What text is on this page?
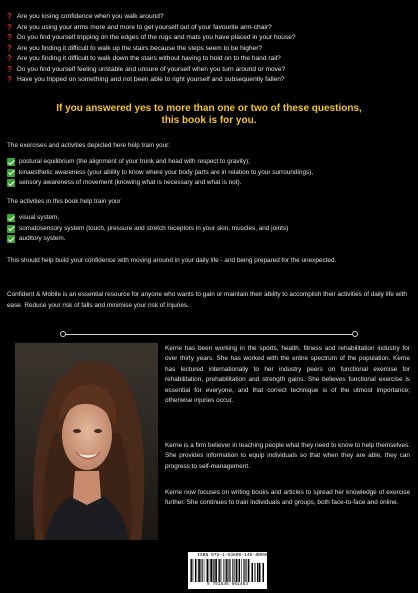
? Are you losing confidence when you walk around?
? Are you using your arms more and more to get yourself out of your favourite arm-chair?
? Do you find yourself tripping on the edges of the rugs and mats you have placed in your house?
? Are you finding it difficult to walk up the stairs because the steps seem to be higher?
? Are you finding it difficult to walk down the stairs without having to hold on to the hand rail?
? Do you find yourself feeling unstable and unsure of yourself when you turn around or move?
? Have you tripped on something and not been able to right yourself and subsequently fallen?
If you answered yes to more than one or two of these questions,
this book is for you.
The exercises and activities depicted here help train your:
postural equilibrium (the alignment of your trunk and head with respect to gravity);
kinaesthetic awareness (your ability to know where your body parts are in relation to your surroundings),
sensory awareness of movement (knowing what is necessary and what is not).
The activities in this book help train your
visual system,
somatosensory system (touch, pressure and stretch receptors in your skin, muscles, and joints)
auditory system.
This should help build your confidence with moving around in your daily life - and being prepared for the unexpected.
Confident & Mobile is an essential resource for anyone who wants to gain or maintain their ability to accomplish their activities of daily life with ease. Reduce your risk of falls and minimise your risk of injuries.
Kerrie has been working in the sports, health, fitness and rehabilitation industry for over thirty years. She has worked with the entire spectrum of the population. Kerrie has lectured internationally to her industry peers on functional exercise for rehabilitation, prehabilitation and strength gains. She believes functional exercise is essential for everyone, and that correct technique is of the utmost importance; otherwise injuries occur.
Kerrie is a firm believer in teaching people what they need to know to help themselves. She provides information to equip individuals so that when they are able, they can progress to self-management.
Kerrie now focuses on writing books and articles to spread her knowledge of exercise further. She continues to train individuals and groups, both face-to-face and online.
ISBN 978-1-64606-146-4
9 781646 061464
90000
